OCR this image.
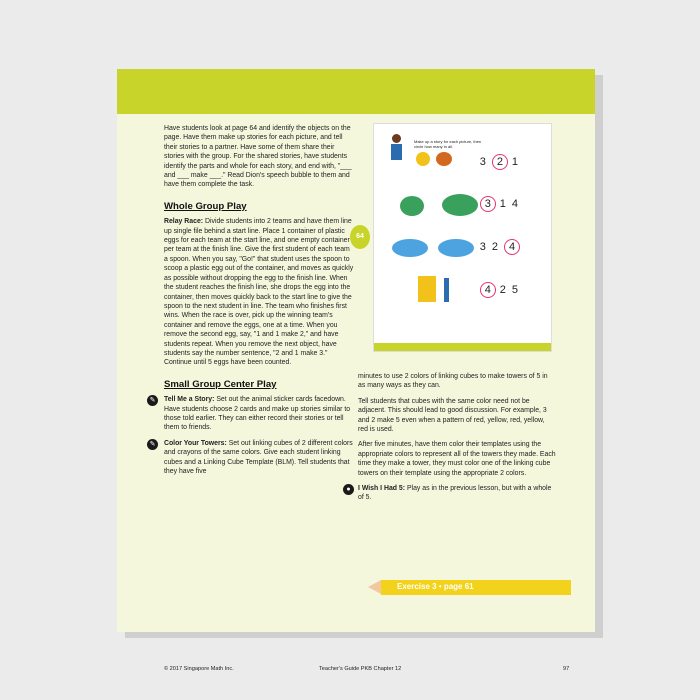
Have students look at page 64 and identify the objects on the page. Have them make up stories for each picture, and tell their stories to a partner. Have some of them share their stories with the group. For the shared stories, have students identify the parts and whole for each story, and end with, "___ and ___ make ___." Read Dion's speech bubble to them and have them complete the task.

Whole Group Play

Relay Race: Divide students into 2 teams and have them line up single file behind a start line. Place 1 container of plastic eggs for each team at the start line, and one empty container per team at the finish line. Give the first student of each team a spoon. When you say, "Go!" that student uses the spoon to scoop a plastic egg out of the container, and moves as quickly as possible without dropping the egg to the finish line. When the student reaches the finish line, she drops the egg into the container, then moves quickly back to the start line to give the spoon to the next student in line. The team who finishes first wins. When the race is over, pick up the winning team's container and remove the eggs, one at a time. When you remove the second egg, say, "1 and 1 make 2," and have students repeat. When you remove the next object, have students say the number sentence, "2 and 1 make 3." Continue until 5 eggs have been counted.

Small Group Center Play
✎	Tell Me a Story: Set out the animal sticker cards facedown. Have students choose 2 cards and make up stories similar to those told earlier. They can either record their stories or tell them to friends.
✎	Color Your Towers: Set out linking cubes of 2 different colors and crayons of the same colors. Give each student linking cubes and a Linking Cube Template (BLM). Tell students that they have five
Make up a story for each picture, then circle how many in all.
3 2 1
3 14
32 4
4 25
64

minutes to use 2 colors of linking cubes to make towers of 5 in as many ways as they can.

Tell students that cubes with the same color need not be adjacent. This should lead to good discussion. For example, 3 and 2 make 5 even when a pattern of red, yellow, red, yellow, red is used.

After five minutes, have them color their templates using the appropriate colors to represent all of the towers they made. Each time they make a tower, they must color one of the linking cube towers on their template using the appropriate 2 colors.

●	I Wish I Had 5: Play as in the previous lesson, but with a whole of 5.
Exercise 3 • page 61
© 2017 Singapore Math Inc.	Teacher's Guide PKB Chapter 12	97
